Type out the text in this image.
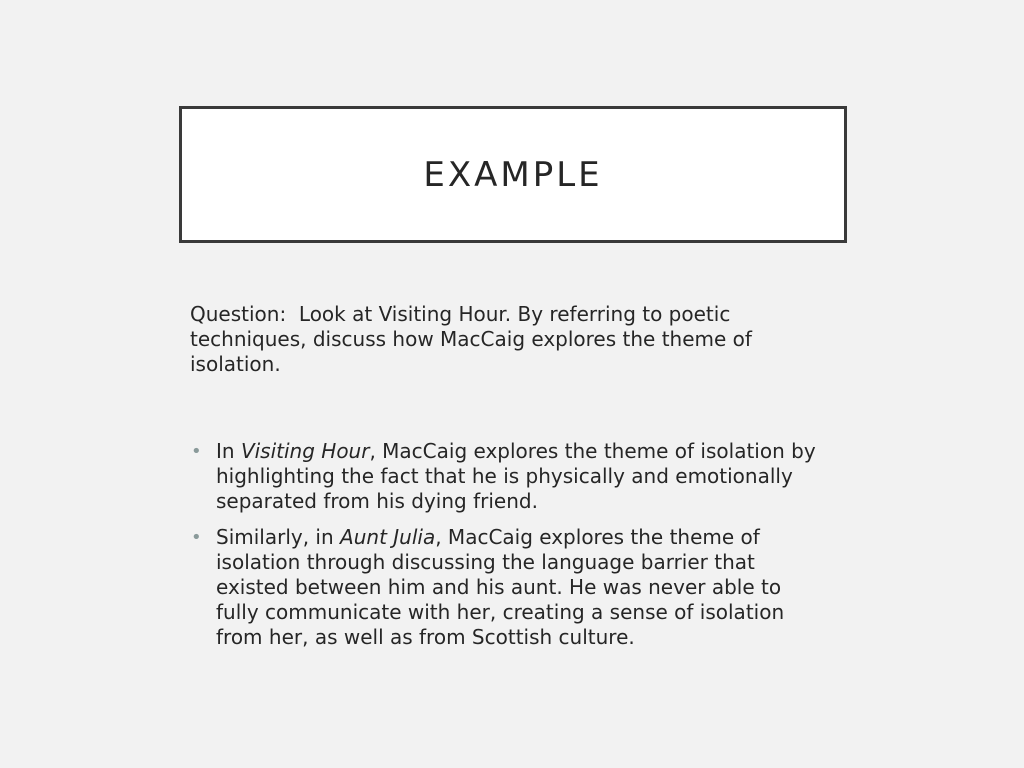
EXAMPLE

Question:  Look at Visiting Hour. By referring to poetic techniques, discuss how MacCaig explores the theme of isolation.

• In Visiting Hour, MacCaig explores the theme of isolation by highlighting the fact that he is physically and emotionally separated from his dying friend.
• Similarly, in Aunt Julia, MacCaig explores the theme of isolation through discussing the language barrier that existed between him and his aunt. He was never able to fully communicate with her, creating a sense of isolation from her, as well as from Scottish culture.
